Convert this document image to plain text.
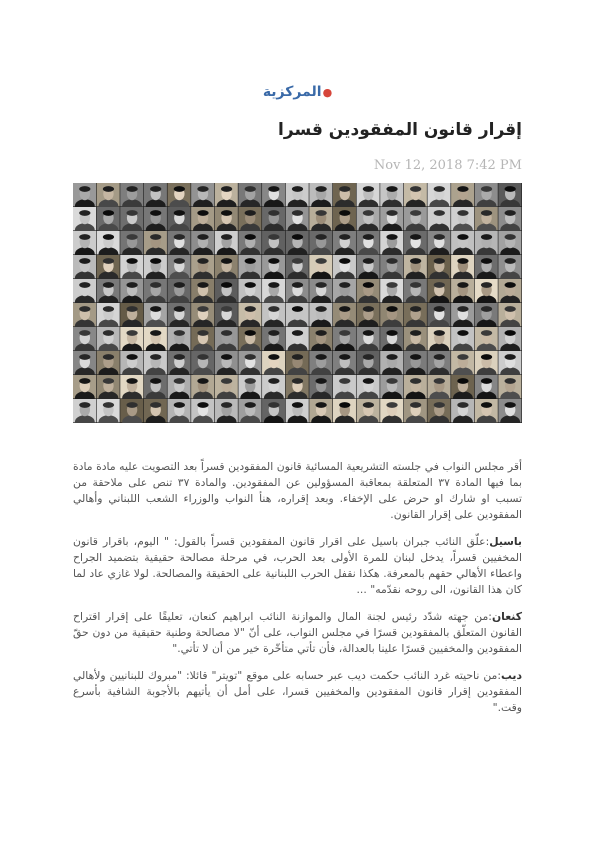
●المركزية
إقرار قانون المفقودين قسرا
Nov 12, 2018 7:42 PM

أقر مجلس النواب في جلسته التشريعية المسائية قانون المفقودين قسراً بعد التصويت عليه مادة مادة بما فيها المادة ٣٧ المتعلقة بمعاقبة المسؤولين عن المفقودين. والمادة ٣٧ تنص على ملاحقة من تسبب او شارك او حرض على الإخفاء. وبعد إقراره، هنأ النواب والوزراء الشعب اللبناني وأهالي المفقودين على إقرار القانون.

باسيل:علّق النائب جبران باسيل على اقرار قانون المفقودين قسراً بالقول: " اليوم، باقرار قانون المخفيين قسراً، يدخل لبنان للمرة الأولى بعد الحرب، في مرحلة مصالحة حقيقية بتضميد الجراح واعطاء الأهالي حقهم بالمعرفة. هكذا نقفل الحرب اللبنانية على الحقيقة والمصالحة. لولا غازي عاد لما كان هذا القانون، الى روحه نقدّمه" ...

كنعان:من جهته شدّد رئيس لجنة المال والموازنة النائب ابراهيم كنعان، تعليقًا على إقرار اقتراح القانون المتعلّق بالمفقودين قسرًا في مجلس النواب، على أنّ "لا مصالحة وطنية حقيقية من دون حقّ المفقودين والمخفيين قسرًا علينا بالعدالة، فأن تأتي متأخّرة خير من أن لا تأتي."

ديب:من ناحيته غرد النائب حكمت ديب عبر حسابه على موقع "تويتر" قائلا: "مبروك للبنانيين ولأهالي المفقودين إقرار قانون المفقودين والمخفيين قسرا، على أمل أن يأتيهم بالأجوبة الشافية بأسرع وقت."
